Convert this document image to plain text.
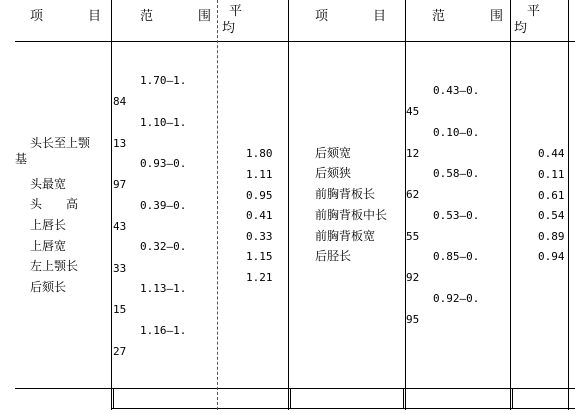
项　目 范　围 平均
项　目 范　围 平均
头长至上颚
基
头最宽
头　　高
上唇长
上唇宽
左上颚长
后颏长
1.70—1.
84
1.10—1.
13
0.93—0.
97
0.39—0.
43
0.32—0.
33
1.13—1.
15
1.16—1.
27
1.80
1.11
0.95
0.41
0.33
1.15
1.21
后颏宽
后颏狭
前胸背板长
前胸背板中长
前胸背板宽
后胫长
0.43—0.
45
0.10—0.
12
0.58—0.
62
0.53—0.
55
0.85—0.
92
0.92—0.
95
0.44
0.11
0.61
0.54
0.89
0.94
